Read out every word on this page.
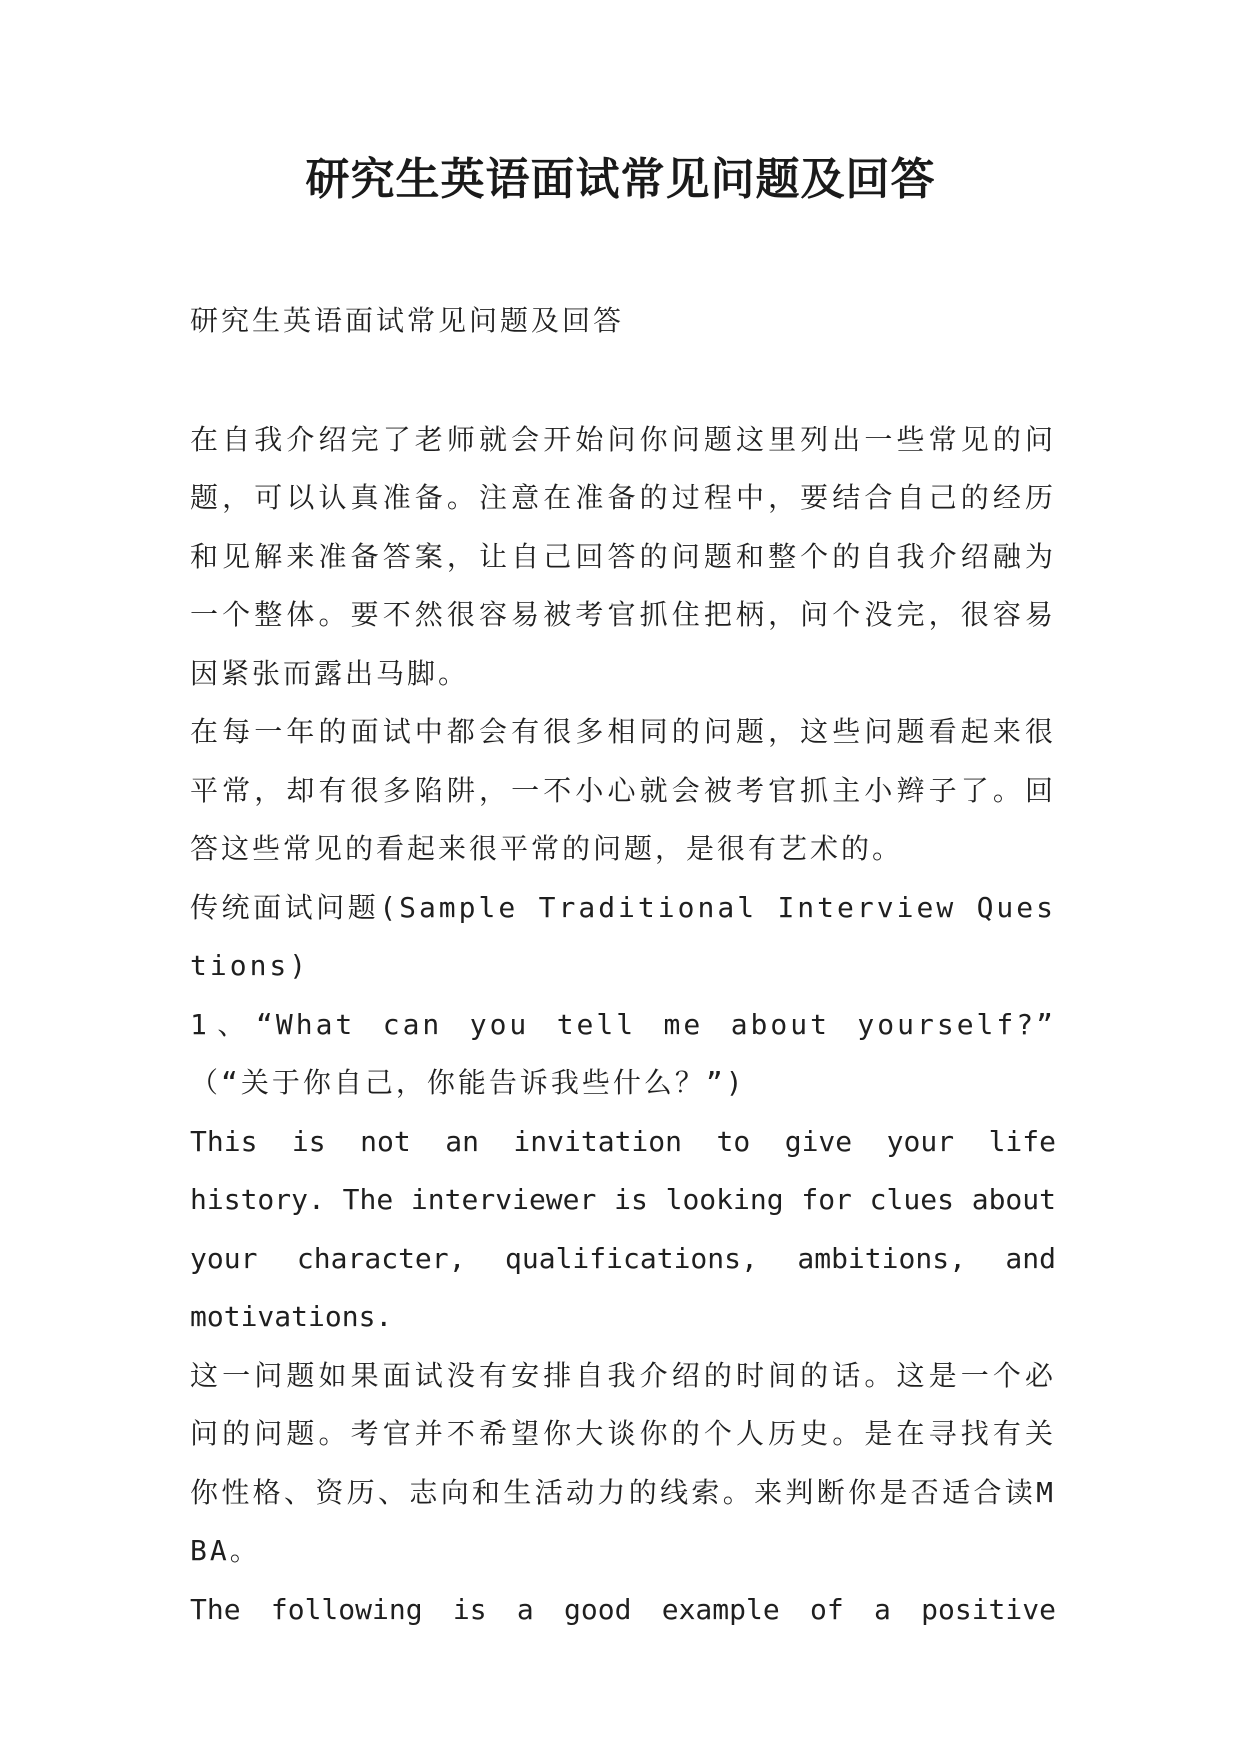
研究生英语面试常见问题及回答

研究生英语面试常见问题及回答

在自我介绍完了老师就会开始问你问题这里列出一些常见的问题，可以认真准备。注意在准备的过程中，要结合自己的经历和见解来准备答案，让自己回答的问题和整个的自我介绍融为一个整体。要不然很容易被考官抓住把柄，问个没完，很容易因紧张而露出马脚。

在每一年的面试中都会有很多相同的问题，这些问题看起来很平常，却有很多陷阱，一不小心就会被考官抓主小辫子了。回答这些常见的看起来很平常的问题，是很有艺术的。

传统面试问题(Sample Traditional Interview Questions)

1、“What can you tell me about yourself?” （“关于你自己，你能告诉我些什么？”)

This is not an invitation to give your life history. The interviewer is looking for clues about your character, qualifications, ambitions, and motivations.

这一问题如果面试没有安排自我介绍的时间的话。这是一个必问的问题。考官并不希望你大谈你的个人历史。是在寻找有关你性格、资历、志向和生活动力的线索。来判断你是否适合读MBA。

The following is a good example of a positive
